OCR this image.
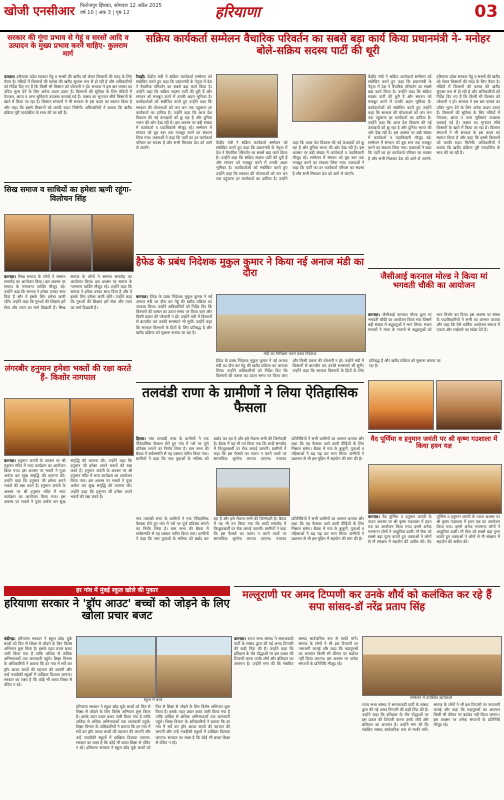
खोजी एनसीआर फिरोजपुर झिरका, सोमवार 12 अप्रैल 2025
वर्ष 10 | अंक 3 | पृष्ठ 12	हरियाणा	03
सरकार की गूंगा प्रभाव से गेहूं व सरसों आदि व उत्पादन के मुख्य प्रभाव करने चाहिए- कुलराम मार्ग
पलवल। हरियाणा प्रदेश सरकार गेहूं व सरसों की खरीद को लेकर किसानों की मदद के लिए तैयार है। मंडियों में किसानों की फसल की खरीद सुचारू रूप से हो रही है और अधिकारियों को निर्देश दिए गए हैं कि किसी भी किसान को परेशानी न हो। सरकार ने इस बार फसल का उचित मूल्य देने के लिए अनेक कदम उठाए हैं। किसानों की सुविधा के लिए मंडियों में पेयजल, छाया व अन्य सुविधाएं उपलब्ध करवाई गई हैं। फसल का भुगतान सीधे किसानों के खाते में किया जा रहा है। किसान संगठनों ने भी सरकार के इस कदम का स्वागत किया है और कहा कि इससे किसानों को काफी राहत मिलेगी। अधिकारियों ने बताया कि खरीद प्रक्रिया पूरी पारदर्शिता के साथ की जा रही है।
सक्रिय कार्यकर्ता सम्मेलन वैचारिक परिवर्तन का सबसे बड़ा कार्य किया प्रधानमंत्री ने- मनोहर बोले-सक्रिय सदस्य पार्टी की थूरी
रेवाड़ी। केंद्रीय मंत्री ने सक्रिय कार्यकर्ता सम्मेलन को संबोधित करते हुए कहा कि प्रधानमंत्री के नेतृत्व में देश ने वैचारिक परिवर्तन का सबसे बड़ा कार्य किया है। उन्होंने कहा कि सक्रिय सदस्य पार्टी की धुरी हैं और संगठन को मजबूत करने में उनकी अहम भूमिका है। कार्यकर्ताओं को संबोधित करते हुए उन्होंने कहा कि सरकार की योजनाओं को जन जन तक पहुंचाना हर कार्यकर्ता का दायित्व है। उन्होंने कहा कि आज देश विकास की नई ऊंचाइयों को छू रहा है और दुनिया भारत की ओर देख रही है। इस अवसर पर बड़ी संख्या में कार्यकर्ता व पदाधिकारी मौजूद रहे। सम्मेलन में संगठन को बूथ स्तर तक मजबूत करने का संकल्प लिया गया। वक्ताओं ने कहा कि पार्टी का हर कार्यकर्ता परिवार का सदस्य है और सभी मिलकर देश को आगे ले जाएंगे।
केंद्रीय मंत्री ने सक्रिय कार्यकर्ता सम्मेलन को संबोधित करते हुए कहा कि प्रधानमंत्री के नेतृत्व में देश ने वैचारिक परिवर्तन का सबसे बड़ा कार्य किया है। उन्होंने कहा कि सक्रिय सदस्य पार्टी की धुरी हैं और संगठन को मजबूत करने में उनकी अहम भूमिका है। कार्यकर्ताओं को संबोधित करते हुए उन्होंने कहा कि सरकार की योजनाओं को जन जन तक पहुंचाना हर कार्यकर्ता का दायित्व है। उन्होंने कहा कि आज देश विकास की नई ऊंचाइयों को छू रहा है और दुनिया भारत की ओर देख रही है। इस अवसर पर बड़ी संख्या में कार्यकर्ता व पदाधिकारी मौजूद रहे। सम्मेलन में संगठन को बूथ स्तर तक मजबूत करने का संकल्प लिया गया। वक्ताओं ने कहा कि पार्टी का हर कार्यकर्ता परिवार का सदस्य है और सभी मिलकर देश को आगे ले जाएंगे।
केंद्रीय मंत्री ने सक्रिय कार्यकर्ता सम्मेलन को संबोधित करते हुए कहा कि प्रधानमंत्री के नेतृत्व में देश ने वैचारिक परिवर्तन का सबसे बड़ा कार्य किया है। उन्होंने कहा कि सक्रिय सदस्य पार्टी की धुरी हैं और संगठन को मजबूत करने में उनकी अहम भूमिका है। कार्यकर्ताओं को संबोधित करते हुए उन्होंने कहा कि सरकार की योजनाओं को जन जन तक पहुंचाना हर कार्यकर्ता का दायित्व है। उन्होंने कहा कि आज देश विकास की नई ऊंचाइयों को छू रहा है और दुनिया भारत की ओर देख रही है। इस अवसर पर बड़ी संख्या में कार्यकर्ता व पदाधिकारी मौजूद रहे। सम्मेलन में संगठन को बूथ स्तर तक मजबूत करने का संकल्प लिया गया। वक्ताओं ने कहा कि पार्टी का हर कार्यकर्ता परिवार का सदस्य है और सभी मिलकर देश को आगे ले जाएंगे। हरियाणा प्रदेश सरकार गेहूं व सरसों की खरीद को लेकर किसानों की मदद के लिए तैयार है। मंडियों में किसानों की फसल की खरीद सुचारू रूप से हो रही है और अधिकारियों को निर्देश दिए गए हैं कि किसी भी किसान को परेशानी न हो। सरकार ने इस बार फसल का उचित मूल्य देने के लिए अनेक कदम उठाए हैं। किसानों की सुविधा के लिए मंडियों में पेयजल, छाया व अन्य सुविधाएं उपलब्ध करवाई गई हैं। फसल का भुगतान सीधे किसानों के खाते में किया जा रहा है। किसान संगठनों ने भी सरकार के इस कदम का स्वागत किया है और कहा कि इससे किसानों को काफी राहत मिलेगी। अधिकारियों ने बताया कि खरीद प्रक्रिया पूरी पारदर्शिता के साथ की जा रही है।
सिख समाज व साधियों का हमेशा ऋणी रहूंगा-विलोचन सिंह
करनाल। सिख समाज के लोगों ने सम्मान समारोह का आयोजन किया। इस अवसर पर समाज के गणमान्य व्यक्ति मौजूद रहे। उन्होंने कहा कि समाज ने हमेशा उनका साथ दिया है और वे इसके लिए हमेशा ऋणी रहेंगे। उन्होंने कहा कि गुरुओं की शिक्षाएं हमें सेवा और त्याग का मार्ग दिखाती हैं। सिख समाज के लोगों ने सम्मान समारोह का आयोजन किया। इस अवसर पर समाज के गणमान्य व्यक्ति मौजूद रहे। उन्होंने कहा कि समाज ने हमेशा उनका साथ दिया है और वे इसके लिए हमेशा ऋणी रहेंगे। उन्होंने कहा कि गुरुओं की शिक्षाएं हमें सेवा और त्याग का मार्ग दिखाती हैं।
लंगरबीर हनुमान हमेशा भक्तों की रक्षा करते हैं- किशोर नागपाल
करनाल। हनुमान जयंती के अवसर पर श्री हनुमान मंदिर में भव्य कार्यक्रम का आयोजन किया गया। इस अवसर पर भक्तों ने पूजा अर्चना कर सुख समृद्धि की कामना की। उन्होंने कहा कि हनुमान जी हमेशा अपने भक्तों की रक्षा करते हैं। हनुमान जयंती के अवसर पर श्री हनुमान मंदिर में भव्य कार्यक्रम का आयोजन किया गया। इस अवसर पर भक्तों ने पूजा अर्चना कर सुख समृद्धि की कामना की। उन्होंने कहा कि हनुमान जी हमेशा अपने भक्तों की रक्षा करते हैं। हनुमान जयंती के अवसर पर श्री हनुमान मंदिर में भव्य कार्यक्रम का आयोजन किया गया। इस अवसर पर भक्तों ने पूजा अर्चना कर सुख समृद्धि की कामना की। उन्होंने कहा कि हनुमान जी हमेशा अपने भक्तों की रक्षा करते हैं।
हैफेड के प्रबंध निदेशक मुकुल कुमार ने किया नई अनाज मंडी का दौरा
करनाल। हैफेड के प्रबंध निदेशक मुकुल कुमार ने नई अनाज मंडी का दौरा कर गेहूं की खरीद प्रक्रिया का जायजा लिया। उन्होंने अधिकारियों को निर्देश दिए कि किसानों की फसल का उठान समय पर किया जाए और किसी प्रकार की परेशानी न हो। उन्होंने मंडी में किसानों से बातचीत कर उनकी समस्याएं भी सुनीं। उन्होंने कहा कि सरकार किसानों के हितों के लिए प्रतिबद्ध है और खरीद प्रक्रिया को सुचारू बनाया जा रहा है।
मंडी का निरीक्षण करते प्रबंध निदेशक
हैफेड के प्रबंध निदेशक मुकुल कुमार ने नई अनाज मंडी का दौरा कर गेहूं की खरीद प्रक्रिया का जायजा लिया। उन्होंने अधिकारियों को निर्देश दिए कि किसानों की फसल का उठान समय पर किया जाए और किसी प्रकार की परेशानी न हो। उन्होंने मंडी में किसानों से बातचीत कर उनकी समस्याएं भी सुनीं। उन्होंने कहा कि सरकार किसानों के हितों के लिए प्रतिबद्ध है और खरीद प्रक्रिया को सुचारू बनाया जा रहा है।
जैसीआई करनाल मोल्ड ने किया मां भगवती चौकी का आयोजन
करनाल। जैसीआई करनाल मोल्ड द्वारा मां भगवती चौकी का आयोजन किया गया जिसमें बड़ी संख्या में श्रद्धालुओं ने भाग लिया। भजन गायकों ने माता के भजनों से श्रद्धालुओं को भाव विभोर कर दिया। इस अवसर पर संस्था के पदाधिकारियों ने सभी का आभार जताया और कहा कि ऐसे धार्मिक आयोजन समाज में एकता और भाईचारे का संदेश देते हैं।
तलवंडी राणा के ग्रामीणों ने लिया ऐतिहासिक फैसला
हिसार। गांव तलवंडी राणा के ग्रामीणों ने एक ऐतिहासिक फैसला लेते हुए गांव में नशे पर पूर्ण प्रतिबंध लगाने का निर्णय लिया है। ग्राम सभा की बैठक में सर्वसम्मति से यह प्रस्ताव पारित किया गया। ग्रामीणों ने कहा कि नशा युवाओं के भविष्य को बर्बाद कर रहा है और इसे रोकना सभी की जिम्मेदारी है। बैठक में यह भी तय किया गया कि शादी समारोह में फिजूलखर्ची पर रोक लगाई जाएगी। ग्रामीणों ने कहा कि इस फैसले का पालन न करने वालों पर सामाजिक जुर्माना लगाया जाएगा। पंचायत प्रतिनिधियों ने सभी ग्रामीणों का आभार जताया और कहा कि यह फैसला आने वाली पीढ़ियों के लिए मिसाल बनेगा। बैठक में गांव के बुजुर्गों, युवाओं व महिलाओं ने बढ़ चढ़ कर भाग लिया। ग्रामीणों ने प्रशासन से भी इस मुहिम में सहयोग की मांग की है।
गांव तलवंडी राणा के ग्रामीणों ने एक ऐतिहासिक फैसला लेते हुए गांव में नशे पर पूर्ण प्रतिबंध लगाने का निर्णय लिया है। ग्राम सभा की बैठक में सर्वसम्मति से यह प्रस्ताव पारित किया गया। ग्रामीणों ने कहा कि नशा युवाओं के भविष्य को बर्बाद कर रहा है और इसे रोकना सभी की जिम्मेदारी है। बैठक में यह भी तय किया गया कि शादी समारोह में फिजूलखर्ची पर रोक लगाई जाएगी। ग्रामीणों ने कहा कि इस फैसले का पालन न करने वालों पर सामाजिक जुर्माना लगाया जाएगा। पंचायत प्रतिनिधियों ने सभी ग्रामीणों का आभार जताया और कहा कि यह फैसला आने वाली पीढ़ियों के लिए मिसाल बनेगा। बैठक में गांव के बुजुर्गों, युवाओं व महिलाओं ने बढ़ चढ़ कर भाग लिया। ग्रामीणों ने प्रशासन से भी इस मुहिम में सहयोग की मांग की है।
वैद पूर्णिमा व हनुमान जयंती पर श्री कृष्ण गउशाला में किया हवन यज्ञ
करनाल। वैद पूर्णिमा व हनुमान जयंती के पावन अवसर पर श्री कृष्ण गउशाला में हवन यज्ञ का आयोजन किया गया। इसमें अनेक गणमान्य लोगों ने आहुतियां डालीं। गौ सेवा को सबसे बड़ा पुण्य बताते हुए वक्ताओं ने लोगों से गौ संरक्षण में सहयोग की अपील की। वैद पूर्णिमा व हनुमान जयंती के पावन अवसर पर श्री कृष्ण गउशाला में हवन यज्ञ का आयोजन किया गया। इसमें अनेक गणमान्य लोगों ने आहुतियां डालीं। गौ सेवा को सबसे बड़ा पुण्य बताते हुए वक्ताओं ने लोगों से गौ संरक्षण में सहयोग की अपील की।
हर गांव में मुंबई स्कूल खोले की पुकार
हरियाणा सरकार ने 'ड्रॉप आउट' बच्चों को जोड़ने के लिए खोला प्रचार बजट
चंडीगढ़। हरियाणा सरकार ने स्कूल छोड़ चुके बच्चों को फिर से शिक्षा से जोड़ने के लिए विशेष अभियान शुरू किया है। इसके तहत प्रचार बजट जारी किया गया है ताकि अधिक से अधिक अभिभावकों तक जानकारी पहुंचे। शिक्षा विभाग के अधिकारियों ने बताया कि हर गांव में सर्वे कर ड्रॉप आउट बच्चों की पहचान की जाएगी और उन्हें नजदीकी स्कूलों में दाखिला दिलाया जाएगा। सरकार का लक्ष्य है कि कोई भी बच्चा शिक्षा से वंचित न रहे।
स्कूल में बच्चे
हरियाणा सरकार ने स्कूल छोड़ चुके बच्चों को फिर से शिक्षा से जोड़ने के लिए विशेष अभियान शुरू किया है। इसके तहत प्रचार बजट जारी किया गया है ताकि अधिक से अधिक अभिभावकों तक जानकारी पहुंचे। शिक्षा विभाग के अधिकारियों ने बताया कि हर गांव में सर्वे कर ड्रॉप आउट बच्चों की पहचान की जाएगी और उन्हें नजदीकी स्कूलों में दाखिला दिलाया जाएगा। सरकार का लक्ष्य है कि कोई भी बच्चा शिक्षा से वंचित न रहे। हरियाणा सरकार ने स्कूल छोड़ चुके बच्चों को फिर से शिक्षा से जोड़ने के लिए विशेष अभियान शुरू किया है। इसके तहत प्रचार बजट जारी किया गया है ताकि अधिक से अधिक अभिभावकों तक जानकारी पहुंचे। शिक्षा विभाग के अधिकारियों ने बताया कि हर गांव में सर्वे कर ड्रॉप आउट बच्चों की पहचान की जाएगी और उन्हें नजदीकी स्कूलों में दाखिला दिलाया जाएगा। सरकार का लक्ष्य है कि कोई भी बच्चा शिक्षा से वंचित न रहे।
मल्लूराणी पर अमद टिप्पणी कर उनके शौर्य को कलंकित कर रहे हैं सपा सांसद-डॉ नरेंद्र प्रताप सिंह
करनाल। राज्य सभा सांसद ने समाजवादी पार्टी के सांसद द्वारा की गई अमद टिप्पणी की कड़ी निंदा की है। उन्होंने कहा कि इतिहास के वीर योद्धाओं पर इस प्रकार की टिप्पणी करना उनके शौर्य और बलिदान का अपमान है। उन्होंने मांग की कि संबंधित सांसद सार्वजनिक रूप से माफी मांगें। समाज के लोगों ने भी इस टिप्पणी पर नाराजगी जताई और कहा कि महापुरुषों का अपमान किसी भी कीमत पर बर्दाश्त नहीं किया जाएगा। इस अवसर पर अनेक संगठनों के प्रतिनिधि मौजूद रहे।
सम्मेलन में उपस्थित कार्यकर्ता
राज्य सभा सांसद ने समाजवादी पार्टी के सांसद द्वारा की गई अमद टिप्पणी की कड़ी निंदा की है। उन्होंने कहा कि इतिहास के वीर योद्धाओं पर इस प्रकार की टिप्पणी करना उनके शौर्य और बलिदान का अपमान है। उन्होंने मांग की कि संबंधित सांसद सार्वजनिक रूप से माफी मांगें। समाज के लोगों ने भी इस टिप्पणी पर नाराजगी जताई और कहा कि महापुरुषों का अपमान किसी भी कीमत पर बर्दाश्त नहीं किया जाएगा। इस अवसर पर अनेक संगठनों के प्रतिनिधि मौजूद रहे।
